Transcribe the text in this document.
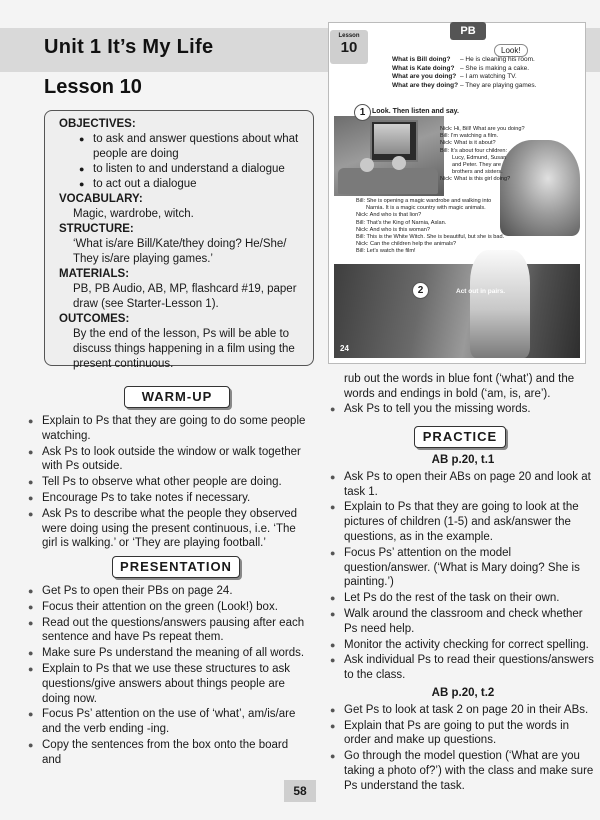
Unit 1 It’s My Life
Lesson 10
OBJECTIVES:
● to ask and answer questions about what people are doing
● to listen to and understand a dialogue
● to act out a dialogue
VOCABULARY:
Magic, wardrobe, witch.
STRUCTURE:
‘What is/are Bill/Kate/they doing? He/She/ They is/are playing games.’
MATERIALS:
PB, PB Audio, AB, MP, flashcard #19, paper draw (see Starter-Lesson 1).
OUTCOMES:
By the end of the lesson, Ps will be able to discuss things happening in a film using the present continuous.
PB
Lesson
10	Look!
What is Bill doing? – He is cleaning his room.
What is Kate doing? – She is making a cake.
What are you doing? – I am watching TV.
What are they doing? – They are playing games.
1 Look. Then listen and say.
Nick: Hi, Bill! What are you doing?
Bill: I’m watching a film.
Nick: What is it about?
Bill: It’s about four children:
Lucy, Edmund, Susan
and Peter. They are
brothers and sisters.
Nick: What is this girl doing?
Bill: She is opening a magic wardrobe and walking into
Narnia. It is a magic country with magic animals.
Nick: And who is that lion?
Bill: That’s the King of Narnia, Aslan.
Nick: And who is this woman?
Bill: This is the White Witch. She is beautiful, but she is bad.
Nick: Can the children help the animals?
Bill: Let’s watch the film!
2	Act out in pairs.
24
WARM-UP
● Explain to Ps that they are going to do some people watching.
● Ask Ps to look outside the window or walk together with Ps outside.
● Tell Ps to observe what other people are doing.
● Encourage Ps to take notes if necessary.
● Ask Ps to describe what the people they observed were doing using the present continuous, i.e. ‘The girl is walking.’ or ‘They are playing football.’
PRESENTATION
● Get Ps to open their PBs on page 24.
● Focus their attention on the green (Look!) box.
● Read out the questions/answers pausing after each sentence and have Ps repeat them.
● Make sure Ps understand the meaning of all words.
● Explain to Ps that we use these structures to ask questions/give answers about things people are doing now.
● Focus Ps’ attention on the use of ‘what’, am/is/are and the verb ending -ing.
● Copy the sentences from the box onto the board and
rub out the words in blue font (‘what’) and the words and endings in bold (‘am, is, are’).
● Ask Ps to tell you the missing words.
PRACTICE
AB p.20, t.1
● Ask Ps to open their ABs on page 20 and look at task 1.
● Explain to Ps that they are going to look at the pictures of children (1-5) and ask/answer the questions, as in the example.
● Focus Ps’ attention on the model question/answer. (‘What is Mary doing? She is painting.’)
● Let Ps do the rest of the task on their own.
● Walk around the classroom and check whether Ps need help.
● Monitor the activity checking for correct spelling.
● Ask individual Ps to read their questions/answers to the class.
AB p.20, t.2
● Get Ps to look at task 2 on page 20 in their ABs.
● Explain that Ps are going to put the words in order and make up questions.
● Go through the model question (‘What are you taking a photo of?’) with the class and make sure Ps understand the task.
58
